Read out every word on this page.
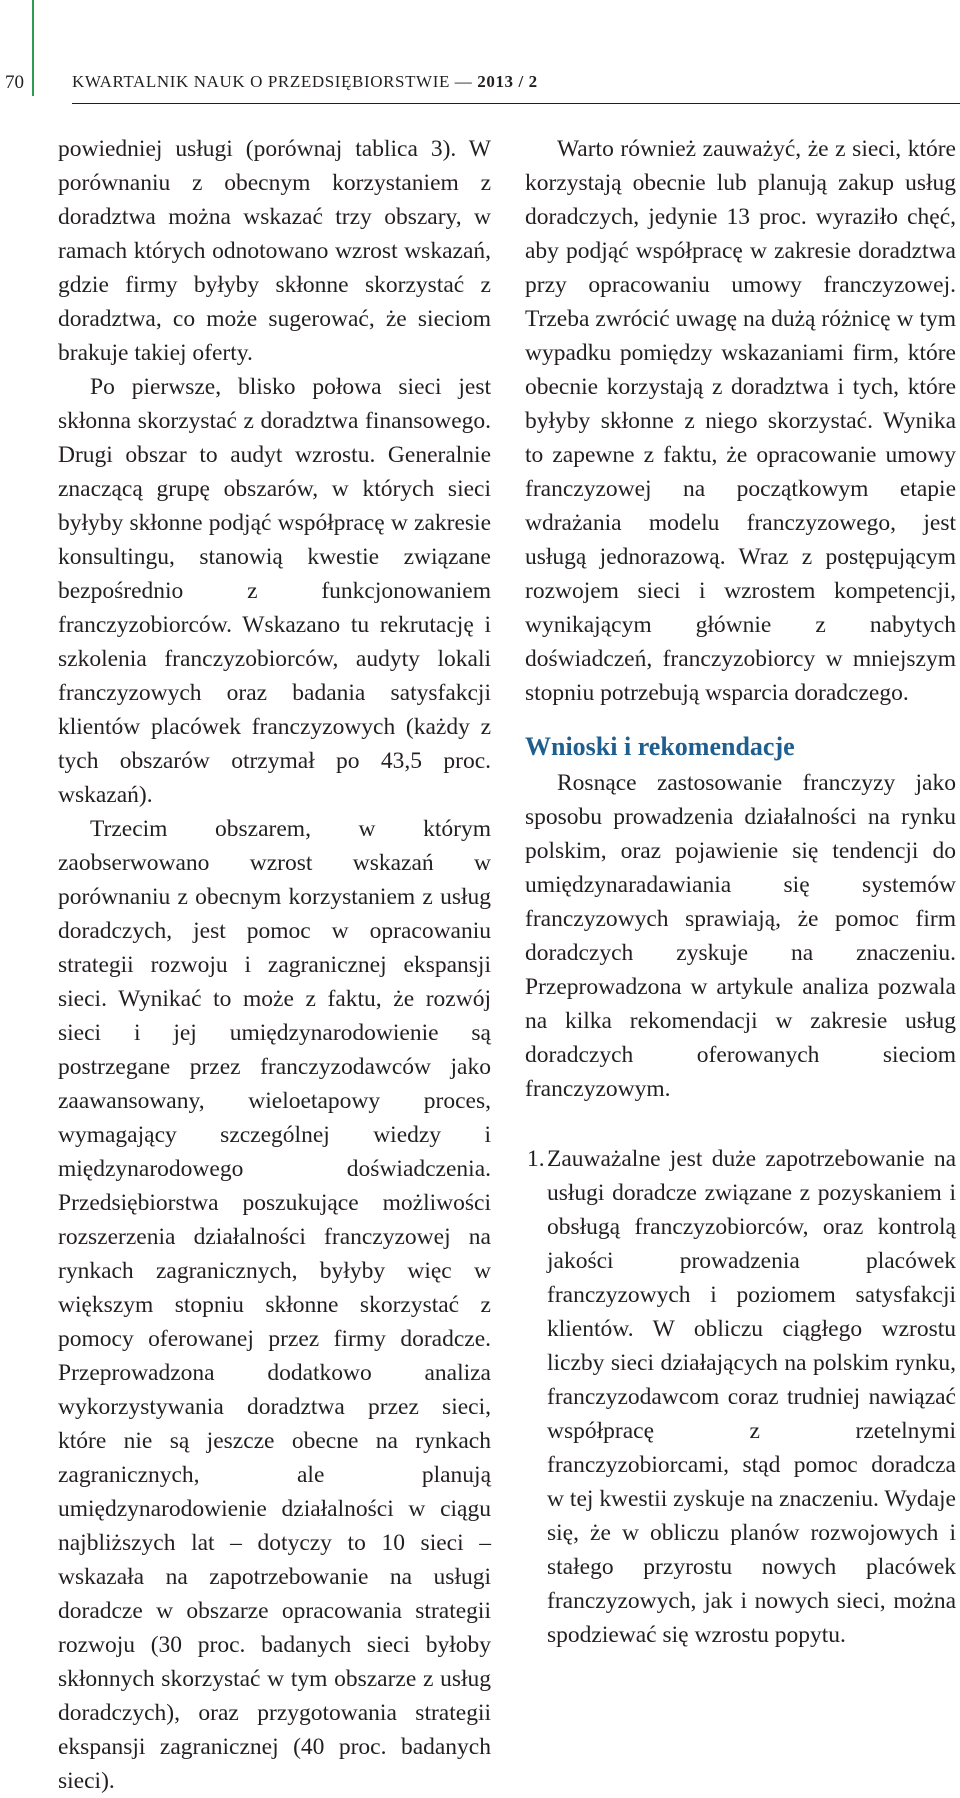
70	KWARTALNIK NAUK O PRZEDSIĘBIORSTWIE — 2013 / 2

powiedniej usługi (porównaj tablica 3). W porównaniu z obecnym korzystaniem z doradztwa można wskazać trzy obszary, w ramach których odnotowano wzrost wskazań, gdzie firmy byłyby skłonne skorzystać z doradztwa, co może sugerować, że sieciom brakuje takiej oferty.

Po pierwsze, blisko połowa sieci jest skłonna skorzystać z doradztwa finansowego. Drugi obszar to audyt wzrostu. Generalnie znaczącą grupę obszarów, w których sieci byłyby skłonne podjąć współpracę w zakresie konsultingu, stanowią kwestie związane bezpośrednio z funkcjonowaniem franczyzobiorców. Wskazano tu rekrutację i szkolenia franczyzobiorców, audyty lokali franczyzowych oraz badania satysfakcji klientów placówek franczyzowych (każdy z tych obszarów otrzymał po 43,5 proc. wskazań).

Trzecim obszarem, w którym zaobserwowano wzrost wskazań w porównaniu z obecnym korzystaniem z usług doradczych, jest pomoc w opracowaniu strategii rozwoju i zagranicznej ekspansji sieci. Wynikać to może z faktu, że rozwój sieci i jej umiędzynarodowienie są postrzegane przez franczyzodawców jako zaawansowany, wieloetapowy proces, wymagający szczególnej wiedzy i międzynarodowego doświadczenia. Przedsiębiorstwa poszukujące możliwości rozszerzenia działalności franczyzowej na rynkach zagranicznych, byłyby więc w większym stopniu skłonne skorzystać z pomocy oferowanej przez firmy doradcze. Przeprowadzona dodatkowo analiza wykorzystywania doradztwa przez sieci, które nie są jeszcze obecne na rynkach zagranicznych, ale planują umiędzynarodowienie działalności w ciągu najbliższych lat – dotyczy to 10 sieci – wskazała na zapotrzebowanie na usługi doradcze w obszarze opracowania strategii rozwoju (30 proc. badanych sieci byłoby skłonnych skorzystać w tym obszarze z usług doradczych), oraz przygotowania strategii ekspansji zagranicznej (40 proc. badanych sieci).

Warto również zauważyć, że z sieci, które korzystają obecnie lub planują zakup usług doradczych, jedynie 13 proc. wyraziło chęć, aby podjąć współpracę w zakresie doradztwa przy opracowaniu umowy franczyzowej. Trzeba zwrócić uwagę na dużą różnicę w tym wypadku pomiędzy wskazaniami firm, które obecnie korzystają z doradztwa i tych, które byłyby skłonne z niego skorzystać. Wynika to zapewne z faktu, że opracowanie umowy franczyzowej na początkowym etapie wdrażania modelu franczyzowego, jest usługą jednorazową. Wraz z postępującym rozwojem sieci i wzrostem kompetencji, wynikającym głównie z nabytych doświadczeń, franczyzobiorcy w mniejszym stopniu potrzebują wsparcia doradczego.

Wnioski i rekomendacje

Rosnące zastosowanie franczyzy jako sposobu prowadzenia działalności na rynku polskim, oraz pojawienie się tendencji do umiędzynaradawiania się systemów franczyzowych sprawiają, że pomoc firm doradczych zyskuje na znaczeniu. Przeprowadzona w artykule analiza pozwala na kilka rekomendacji w zakresie usług doradczych oferowanych sieciom franczyzowym.

1. Zauważalne jest duże zapotrzebowanie na usługi doradcze związane z pozyskaniem i obsługą franczyzobiorców, oraz kontrolą jakości prowadzenia placówek franczyzowych i poziomem satysfakcji klientów. W obliczu ciągłego wzrostu liczby sieci działających na polskim rynku, franczyzodawcom coraz trudniej nawiązać współpracę z rzetelnymi franczyzobiorcami, stąd pomoc doradcza w tej kwestii zyskuje na znaczeniu. Wydaje się, że w obliczu planów rozwojowych i stałego przyrostu nowych placówek franczyzowych, jak i nowych sieci, można spodziewać się wzrostu popytu.
